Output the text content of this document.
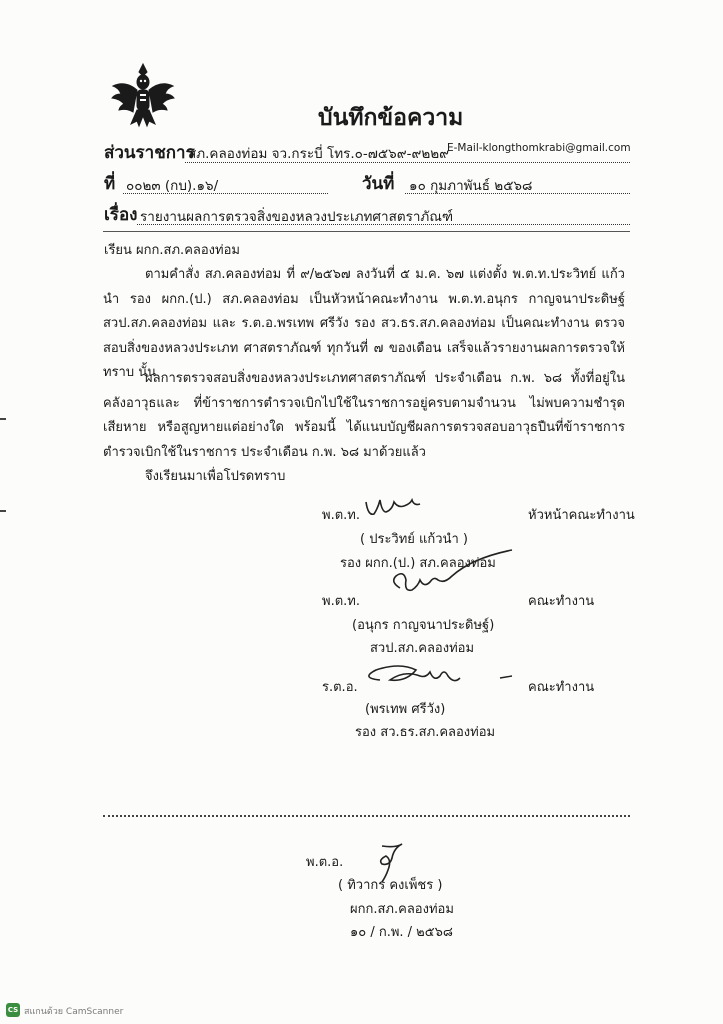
บันทึกข้อความ
ส่วนราชการ
สภ.คลองท่อม จว.กระบี่ โทร.๐-๗๕๖๙-๙๒๒๙
E-Mail-klongthomkrabi@gmail.com
ที่ ๐๐๒๓ (กบ).๑๖/	วันที่ ๑๐ กุมภาพันธ์ ๒๕๖๘
เรื่อง รายงานผลการตรวจสิ่งของหลวงประเภทศาสตราภัณฑ์
เรียน ผกก.สภ.คลองท่อม
ตามคำสั่ง สภ.คลองท่อม ที่ ๙/๒๕๖๗ ลงวันที่ ๕ ม.ค. ๖๗ แต่งตั้ง พ.ต.ท.ประวิทย์ แก้วนำ รอง ผกก.(ป.) สภ.คลองท่อม เป็นหัวหน้าคณะทำงาน พ.ต.ท.อนุกร กาญจนาประดิษฐ์ สวป.สภ.คลองท่อม และ ร.ต.อ.พรเทพ ศรีวัง รอง สว.ธร.สภ.คลองท่อม เป็นคณะทำงาน ตรวจสอบสิ่งของหลวงประเภท ศาสตราภัณฑ์ ทุกวันที่ ๗ ของเดือน เสร็จแล้วรายงานผลการตรวจให้ทราบ นั้น
ผลการตรวจสอบสิ่งของหลวงประเภทศาสตราภัณฑ์ ประจำเดือน ก.พ. ๖๘ ทั้งที่อยู่ในคลังอาวุธและ ที่ข้าราชการตำรวจเบิกไปใช้ในราชการอยู่ครบตามจำนวน ไม่พบความชำรุดเสียหาย หรือสูญหายแต่อย่างใด พร้อมนี้ ได้แนบบัญชีผลการตรวจสอบอาวุธปืนที่ข้าราชการตำรวจเบิกใช้ในราชการ ประจำเดือน ก.พ. ๖๘ มาด้วยแล้ว
จึงเรียนมาเพื่อโปรดทราบ
พ.ต.ท.	หัวหน้าคณะทำงาน
( ประวิทย์ แก้วนำ )
รอง ผกก.(ป.) สภ.คลองท่อม
พ.ต.ท.	คณะทำงาน
(อนุกร กาญจนาประดิษฐ์)
สวป.สภ.คลองท่อม
ร.ต.อ.	คณะทำงาน
(พรเทพ ศรีวัง)
รอง สว.ธร.สภ.คลองท่อม
พ.ต.อ.
( ทิวากร คงเพ็ชร )
ผกก.สภ.คลองท่อม
๑๐ / ก.พ. / ๒๕๖๘
CS สแกนด้วย CamScanner
